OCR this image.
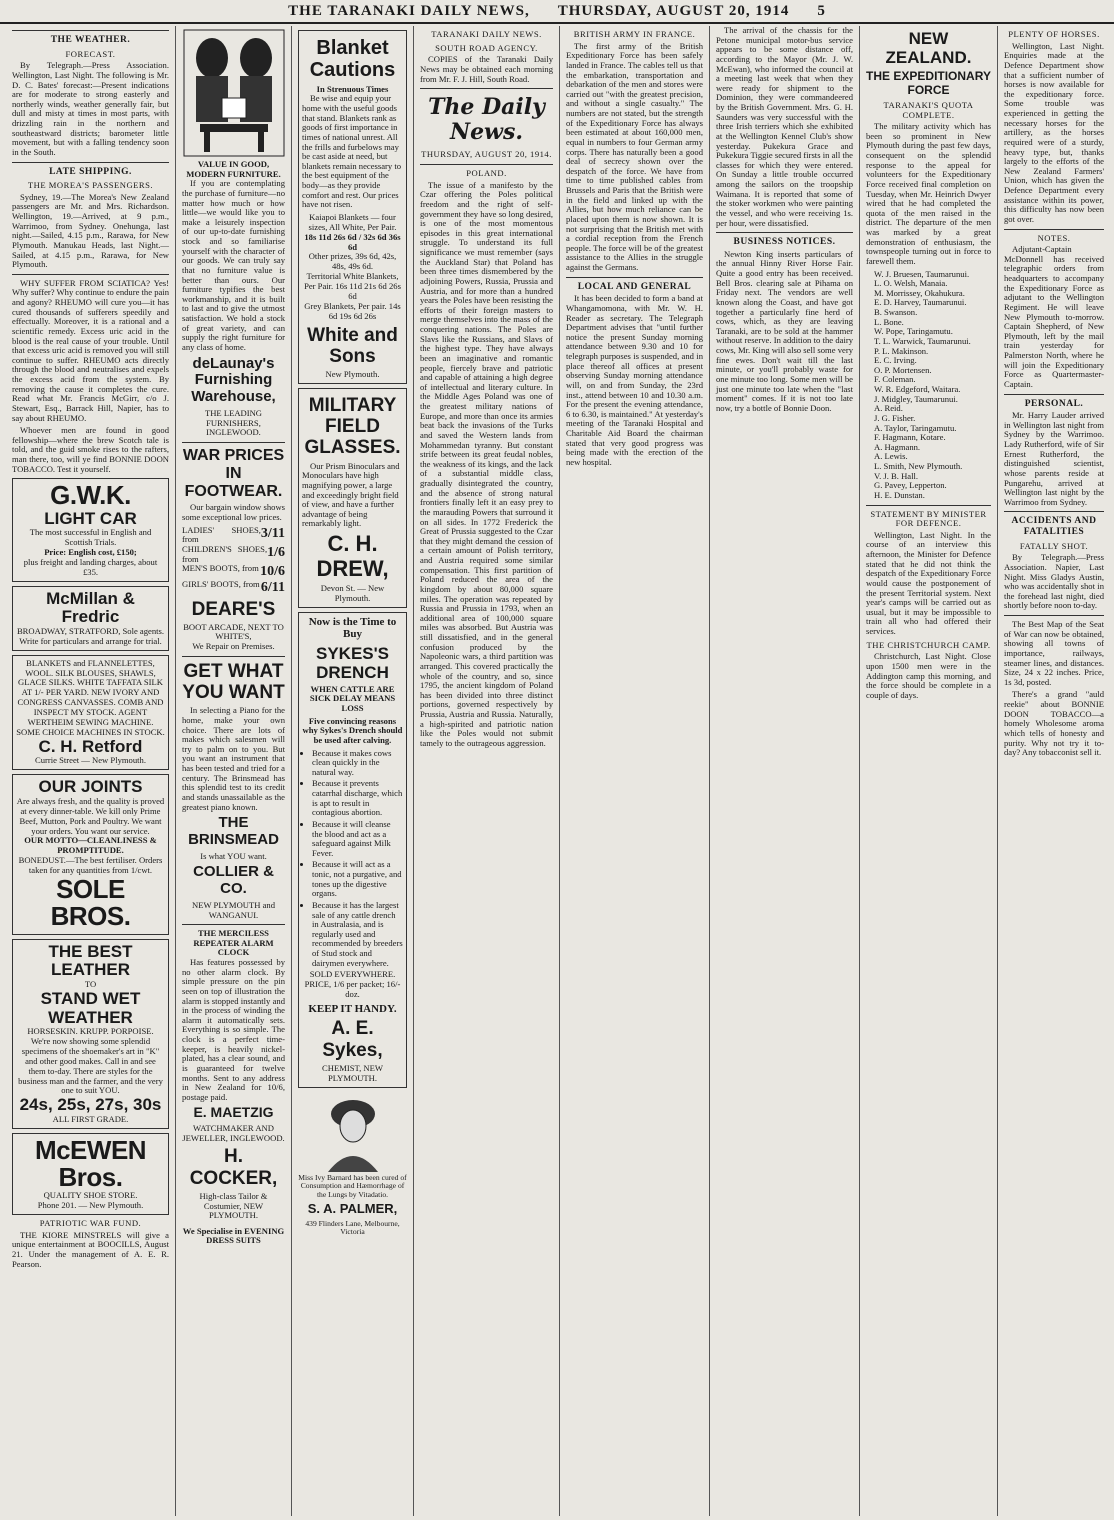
THE TARANAKI DAILY NEWS, THURSDAY, AUGUST 20, 1914 5
THE WEATHER.
FORECAST.

By Telegraph.—Press Association. Wellington, Last Night. The following is Mr. D. C. Bates' forecast:—Present indications are for moderate to strong easterly and northerly winds, weather generally fair, but dull and misty at times in most parts, with drizzling rain in the northern and southeastward districts; barometer little movement, but with a falling tendency soon in the South.

LATE SHIPPING.
THE MOREA'S PASSENGERS.

Sydney, 19.—The Morea's New Zealand passengers are Mr. and Mrs. Richardson. Wellington, 19.—Arrived, at 9 p.m., Warrimoo, from Sydney. Onehunga, last night.—Sailed, 4.15 p.m., Rarawa, for New Plymouth. Manukau Heads, last Night.—Sailed, at 4.15 p.m., Rarawa, for New Plymouth.

WHY SUFFER FROM SCIATICA? Yes! Why suffer? Why continue to endure the pain and agony? RHEUMO will cure you—it has cured thousands of sufferers speedily and effectually. Moreover, it is a rational and a scientific remedy. Excess uric acid in the blood is the real cause of your trouble. Until that excess uric acid is removed you will still continue to suffer. RHEUMO acts directly through the blood and neutralises and expels the excess acid from the system. By removing the cause it completes the cure. Read what Mr. Francis McGirr, c/o J. Stewart, Esq., Barrack Hill, Napier, has to say about RHEUMO.

Whoever men are found in good fellowship—where the brew Scotch tale is told, and the guid smoke rises to the rafters, man there, too, will ye find BONNIE DOON TOBACCO. Test it yourself.

G.W.K.
LIGHT CAR
The most successful in English and Scottish Trials.
Price: English cost, £150;
plus freight and landing charges, about £35.
McMillan & Fredric
BROADWAY, STRATFORD, Sole agents.
Write for particulars and arrange for trial.
BLANKETS and FLANNELETTES, WOOL. SILK BLOUSES, SHAWLS, GLACE SILKS. WHITE TAFFATA SILK AT 1/- PER YARD. NEW IVORY AND CONGRESS CANVASSES. COMB AND INSPECT MY STOCK. AGENT WERTHEIM SEWING MACHINE. SOME CHOICE MACHINES IN STOCK.
C. H. Retford
Currie Street — New Plymouth.
OUR JOINTS
Are always fresh, and the quality is proved at every dinner-table. We kill only Prime Beef, Mutton, Pork and Poultry. We want your orders. You want our service.
OUR MOTTO—CLEANLINESS & PROMPTITUDE.
BONEDUST.—The best fertiliser. Orders taken for any quantities from 1/cwt.
SOLE BROS.
THE BEST LEATHER
TO
STAND WET WEATHER
HORSESKIN. KRUPP. PORPOISE.
We're now showing some splendid specimens of the shoemaker's art in "K" and other good makes. Call in and see them to-day. There are styles for the business man and the farmer, and the very one to suit YOU.
24s, 25s, 27s, 30s
ALL FIRST GRADE.
McEWEN Bros.
QUALITY SHOE STORE.
Phone 201. — New Plymouth.
PATRIOTIC WAR FUND.

THE KIORE MINSTRELS will give a unique entertainment at BOOCILLS, August 21. Under the management of A. E. R. Pearson.

VALUE IN GOOD, MODERN FURNITURE.

If you are contemplating the purchase of furniture—no matter how much or how little—we would like you to make a leisurely inspection of our up-to-date furnishing stock and so familiarise yourself with the character of our goods. We can truly say that no furniture value is better than ours. Our furniture typifies the best workmanship, and it is built to last and to give the utmost satisfaction. We hold a stock of great variety, and can supply the right furniture for any class of home.

deLaunay's Furnishing Warehouse,
THE LEADING FURNISHERS, INGLEWOOD.
WAR PRICES IN FOOTWEAR.

Our bargain window shows some exceptional low prices.

LADIES' SHOES, from	3/11
CHILDREN'S SHOES, from	1/6
MEN'S BOOTS, from 10/6
GIRLS' BOOTS, from 6/11
DEARE'S
BOOT ARCADE, NEXT TO WHITE'S,
We Repair on Premises.
GET WHAT YOU WANT

In selecting a Piano for the home, make your own choice. There are lots of makes which salesmen will try to palm on to you. But you want an instrument that has been tested and tried for a century. The Brinsmead has this splendid test to its credit and stands unassailable as the greatest piano known.

THE BRINSMEAD
Is what YOU want.
COLLIER & CO.
NEW PLYMOUTH and WANGANUI.
THE MERCILESS REPEATER ALARM CLOCK

Has features possessed by no other alarm clock. By simple pressure on the pin seen on top of illustration the alarm is stopped instantly and in the process of winding the alarm it automatically sets. Everything is so simple. The clock is a perfect time-keeper, is heavily nickel-plated, has a clear sound, and is guaranteed for twelve months. Sent to any address in New Zealand for 10/6, postage paid.

E. MAETZIG
WATCHMAKER AND JEWELLER, INGLEWOOD.
H. COCKER,
High-class Tailor & Costumier, NEW PLYMOUTH.
We Specialise in EVENING DRESS SUITS
Blanket Cautions
In Strenuous Times

Be wise and equip your home with the useful goods that stand. Blankets rank as goods of first importance in times of national unrest. All the frills and furbelows may be cast aside at need, but blankets remain necessary to the best equipment of the body—as they provide comfort and rest. Our prices have not risen.

Kaiapoi Blankets — four sizes, All White, Per Pair.
18s 11d 26s 6d / 32s 6d 36s 6d
Other prizes, 39s 6d, 42s, 48s, 49s 6d.
Territorial White Blankets, Per Pair. 16s 11d 21s 6d 26s 6d
Grey Blankets, Per pair. 14s 6d 19s 6d 26s
White and Sons
New Plymouth.
MILITARY FIELD GLASSES.

Our Prism Binoculars and Monoculars have high magnifying power, a large and exceedingly bright field of view, and have a further advantage of being remarkably light.

C. H. DREW,
Devon St. — New Plymouth.
Now is the Time to Buy
SYKES'S DRENCH
WHEN CATTLE ARE SICK DELAY MEANS LOSS
Five convincing reasons why Sykes's Drench should be used after calving.
• Because it makes cows clean quickly in the natural way.
• Because it prevents catarrhal discharge, which is apt to result in contagious abortion.
• Because it will cleanse the blood and act as a safeguard against Milk Fever.
• Because it will act as a tonic, not a purgative, and tones up the digestive organs.
• Because it has the largest sale of any cattle drench in Australasia, and is regularly used and recommended by breeders of Stud stock and dairymen everywhere.
SOLD EVERYWHERE. PRICE, 1/6 per packet; 16/- doz.
KEEP IT HANDY.
A. E. Sykes,
CHEMIST, NEW PLYMOUTH.
Miss Ivy Barnard has been cured of Consumption and Hæmorrhage of the Lungs by Vitadatio.
S. A. PALMER,
439 Flinders Lane, Melbourne, Victoria
TARANAKI DAILY NEWS.
SOUTH ROAD AGENCY.

COPIES of the Taranaki Daily News may be obtained each morning from Mr. F. J. Hill, South Road.

The Daily News.
THURSDAY, AUGUST 20, 1914.
POLAND.

The issue of a manifesto by the Czar offering the Poles political freedom and the right of self-government they have so long desired, is one of the most momentous episodes in this great international struggle. To understand its full significance we must remember (says the Auckland Star) that Poland has been three times dismembered by the adjoining Powers, Russia, Prussia and Austria, and for more than a hundred years the Poles have been resisting the efforts of their foreign masters to merge themselves into the mass of the conquering nations. The Poles are Slavs like the Russians, and Slavs of the highest type. They have always been an imaginative and romantic people, fiercely brave and patriotic and capable of attaining a high degree of intellectual and literary culture. In the Middle Ages Poland was one of the greatest military nations of Europe, and more than once its armies beat back the invasions of the Turks and saved the Western lands from Mohammedan tyranny. But constant strife between its great feudal nobles, the weakness of its kings, and the lack of a substantial middle class, gradually disintegrated the country, and the absence of strong natural frontiers finally left it an easy prey to the marauding Powers that surround it on all sides. In 1772 Frederick the Great of Prussia suggested to the Czar that they might demand the cession of a certain amount of Polish territory, and Austria required some similar compensation. This first partition of Poland reduced the area of the kingdom by about 80,000 square miles. The operation was repeated by Russia and Prussia in 1793, when an additional area of 100,000 square miles was absorbed. But Austria was still dissatisfied, and in the general confusion produced by the Napoleonic wars, a third partition was arranged. This covered practically the whole of the country, and so, since 1795, the ancient kingdom of Poland has been divided into three distinct portions, governed respectively by Prussia, Austria and Russia. Naturally, a high-spirited and patriotic nation like the Poles would not submit tamely to the outrageous aggression.

BRITISH ARMY IN FRANCE.

The first army of the British Expeditionary Force has been safely landed in France. The cables tell us that the embarkation, transportation and debarkation of the men and stores were carried out "with the greatest precision, and without a single casualty." The numbers are not stated, but the strength of the Expeditionary Force has always been estimated at about 160,000 men, equal in numbers to four German army corps. There has naturally been a good deal of secrecy shown over the despatch of the force. We have from time to time published cables from Brussels and Paris that the British were in the field and linked up with the Allies, but how much reliance can be placed upon them is now shown. It is not surprising that the British met with a cordial reception from the French people. The force will be of the greatest assistance to the Allies in the struggle against the Germans.

LOCAL AND GENERAL

It has been decided to form a band at Whangamomona, with Mr. W. H. Reader as secretary. The Telegraph Department advises that "until further notice the present Sunday morning attendance between 9.30 and 10 for telegraph purposes is suspended, and in place thereof all offices at present observing Sunday morning attendance will, on and from Sunday, the 23rd inst., attend between 10 and 10.30 a.m. For the present the evening attendance, 6 to 6.30, is maintained." At yesterday's meeting of the Taranaki Hospital and Charitable Aid Board the chairman stated that very good progress was being made with the erection of the new hospital.

The arrival of the chassis for the Petone municipal motor-bus service appears to be some distance off, according to the Mayor (Mr. J. W. McEwan), who informed the council at a meeting last week that when they were ready for shipment to the Dominion, they were commandeered by the British Government. Mrs. G. H. Saunders was very successful with the three Irish terriers which she exhibited at the Wellington Kennel Club's show yesterday. Pukekura Grace and Pukekura Tiggie secured firsts in all the classes for which they were entered. On Sunday a little trouble occurred among the sailors on the troopship Waimana. It is reported that some of the stoker workmen who were painting the vessel, and who were receiving 1s. per hour, were dissatisfied.

BUSINESS NOTICES.

Newton King inserts particulars of the annual Hinny River Horse Fair. Quite a good entry has been received. Bell Bros. clearing sale at Pihama on Friday next. The vendors are well known along the Coast, and have got together a particularly fine herd of cows, which, as they are leaving Taranaki, are to be sold at the hammer without reserve. In addition to the dairy cows, Mr. King will also sell some very fine ewes. Don't wait till the last minute, or you'll probably waste for one minute too long. Some men will be just one minute too late when the "last moment" comes. If it is not too late now, try a bottle of Bonnie Doon.

NEW ZEALAND.
THE EXPEDITIONARY FORCE
TARANAKI'S QUOTA COMPLETE.

The military activity which has been so prominent in New Plymouth during the past few days, consequent on the splendid response to the appeal for volunteers for the Expeditionary Force received final completion on Tuesday, when Mr. Heinrich Dwyer wired that he had completed the quota of the men raised in the district. The departure of the men was marked by a great demonstration of enthusiasm, the townspeople turning out in force to farewell them.

W. J. Bruesen, Taumarunui.
L. O. Welsh, Manaia.
M. Morrissey, Okahukura.
E. D. Harvey, Taumarunui.
B. Swanson.
L. Bone.
W. Pope, Taringamutu.
T. L. Warwick, Taumarunui.
P. L. Makinson.
E. C. Irving.
O. P. Mortensen.
F. Coleman.
W. R. Edgeford, Waitara.
J. Midgley, Taumarunui.
A. Reid.
J. G. Fisher.
A. Taylor, Taringamutu.
F. Hagmann, Kotare.
A. Hagmann.
A. Lewis.
L. Smith, New Plymouth.
V. J. B. Hall.
G. Pavey, Lepperton.
H. E. Dunstan.
STATEMENT BY MINISTER FOR DEFENCE.

Wellington, Last Night. In the course of an interview this afternoon, the Minister for Defence stated that he did not think the despatch of the Expeditionary Force would cause the postponement of the present Territorial system. Next year's camps will be carried out as usual, but it may be impossible to train all who had offered their services.

THE CHRISTCHURCH CAMP.

Christchurch, Last Night. Close upon 1500 men were in the Addington camp this morning, and the force should be complete in a couple of days.

PLENTY OF HORSES.

Wellington, Last Night. Enquiries made at the Defence Department show that a sufficient number of horses is now available for the expeditionary force. Some trouble was experienced in getting the necessary horses for the artillery, as the horses required were of a sturdy, heavy type, but, thanks largely to the efforts of the New Zealand Farmers' Union, which has given the Defence Department every assistance within its power, this difficulty has now been got over.

NOTES.

Adjutant-Captain McDonnell has received telegraphic orders from headquarters to accompany the Expeditionary Force as adjutant to the Wellington Regiment. He will leave New Plymouth to-morrow. Captain Shepherd, of New Plymouth, left by the mail train yesterday for Palmerston North, where he will join the Expeditionary Force as Quartermaster-Captain.

PERSONAL.

Mr. Harry Lauder arrived in Wellington last night from Sydney by the Warrimoo. Lady Rutherford, wife of Sir Ernest Rutherford, the distinguished scientist, whose parents reside at Pungarehu, arrived at Wellington last night by the Warrimoo from Sydney.

ACCIDENTS AND FATALITIES
FATALLY SHOT.

By Telegraph.—Press Association. Napier, Last Night. Miss Gladys Austin, who was accidentally shot in the forehead last night, died shortly before noon to-day.

The Best Map of the Seat of War can now be obtained, showing all towns of importance, railways, steamer lines, and distances. Size, 24 x 22 inches. Price, 1s 3d, posted.

There's a grand "auld reekie" about BONNIE DOON TOBACCO—a homely Wholesome aroma which tells of honesty and purity. Why not try it to-day? Any tobacconist sell it.
